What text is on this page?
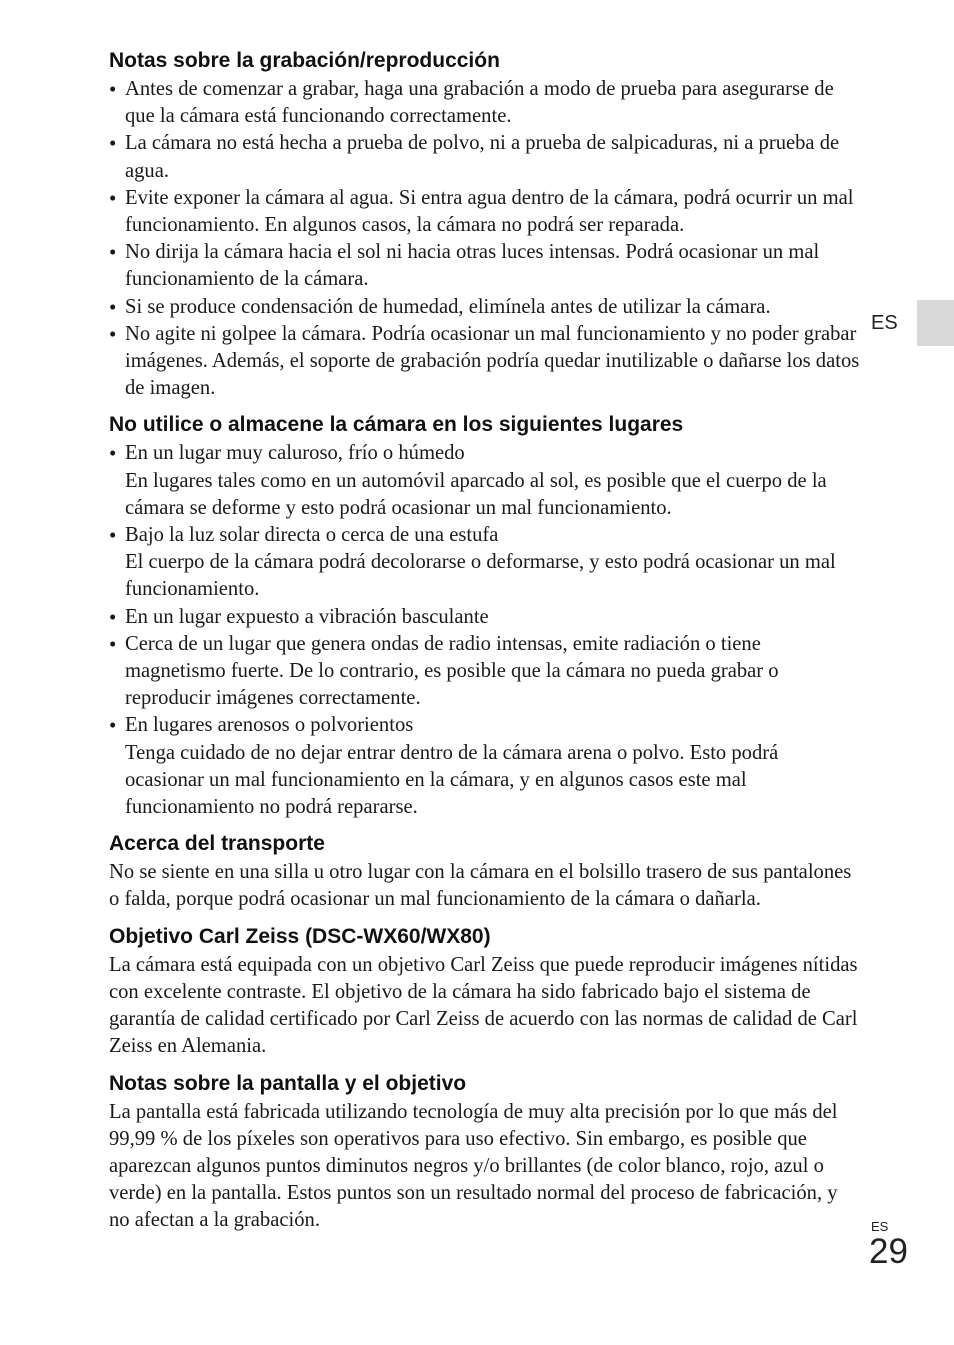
Notas sobre la grabación/reproducción

• Antes de comenzar a grabar, haga una grabación a modo de prueba para asegurarse de que la cámara está funcionando correctamente.

• La cámara no está hecha a prueba de polvo, ni a prueba de salpicaduras, ni a prueba de agua.

• Evite exponer la cámara al agua. Si entra agua dentro de la cámara, podrá ocurrir un mal funcionamiento. En algunos casos, la cámara no podrá ser reparada.

• No dirija la cámara hacia el sol ni hacia otras luces intensas. Podrá ocasionar un mal funcionamiento de la cámara.

• Si se produce condensación de humedad, elimínela antes de utilizar la cámara.

• No agite ni golpee la cámara. Podría ocasionar un mal funcionamiento y no poder grabar imágenes. Además, el soporte de grabación podría quedar inutilizable o dañarse los datos de imagen.

No utilice o almacene la cámara en los siguientes lugares

• En un lugar muy caluroso, frío o húmedo

En lugares tales como en un automóvil aparcado al sol, es posible que el cuerpo de la cámara se deforme y esto podrá ocasionar un mal funcionamiento.

• Bajo la luz solar directa o cerca de una estufa

El cuerpo de la cámara podrá decolorarse o deformarse, y esto podrá ocasionar un mal funcionamiento.

• En un lugar expuesto a vibración basculante

• Cerca de un lugar que genera ondas de radio intensas, emite radiación o tiene magnetismo fuerte. De lo contrario, es posible que la cámara no pueda grabar o reproducir imágenes correctamente.

• En lugares arenosos o polvorientos

Tenga cuidado de no dejar entrar dentro de la cámara arena o polvo. Esto podrá ocasionar un mal funcionamiento en la cámara, y en algunos casos este mal funcionamiento no podrá repararse.

Acerca del transporte

No se siente en una silla u otro lugar con la cámara en el bolsillo trasero de sus pantalones o falda, porque podrá ocasionar un mal funcionamiento de la cámara o dañarla.

Objetivo Carl Zeiss (DSC-WX60/WX80)

La cámara está equipada con un objetivo Carl Zeiss que puede reproducir imágenes nítidas con excelente contraste. El objetivo de la cámara ha sido fabricado bajo el sistema de garantía de calidad certificado por Carl Zeiss de acuerdo con las normas de calidad de Carl Zeiss en Alemania.

Notas sobre la pantalla y el objetivo

La pantalla está fabricada utilizando tecnología de muy alta precisión por lo que más del 99,99 % de los píxeles son operativos para uso efectivo. Sin embargo, es posible que aparezcan algunos puntos diminutos negros y/o brillantes (de color blanco, rojo, azul o verde) en la pantalla. Estos puntos son un resultado normal del proceso de fabricación, y no afectan a la grabación.

ES
ES
29
